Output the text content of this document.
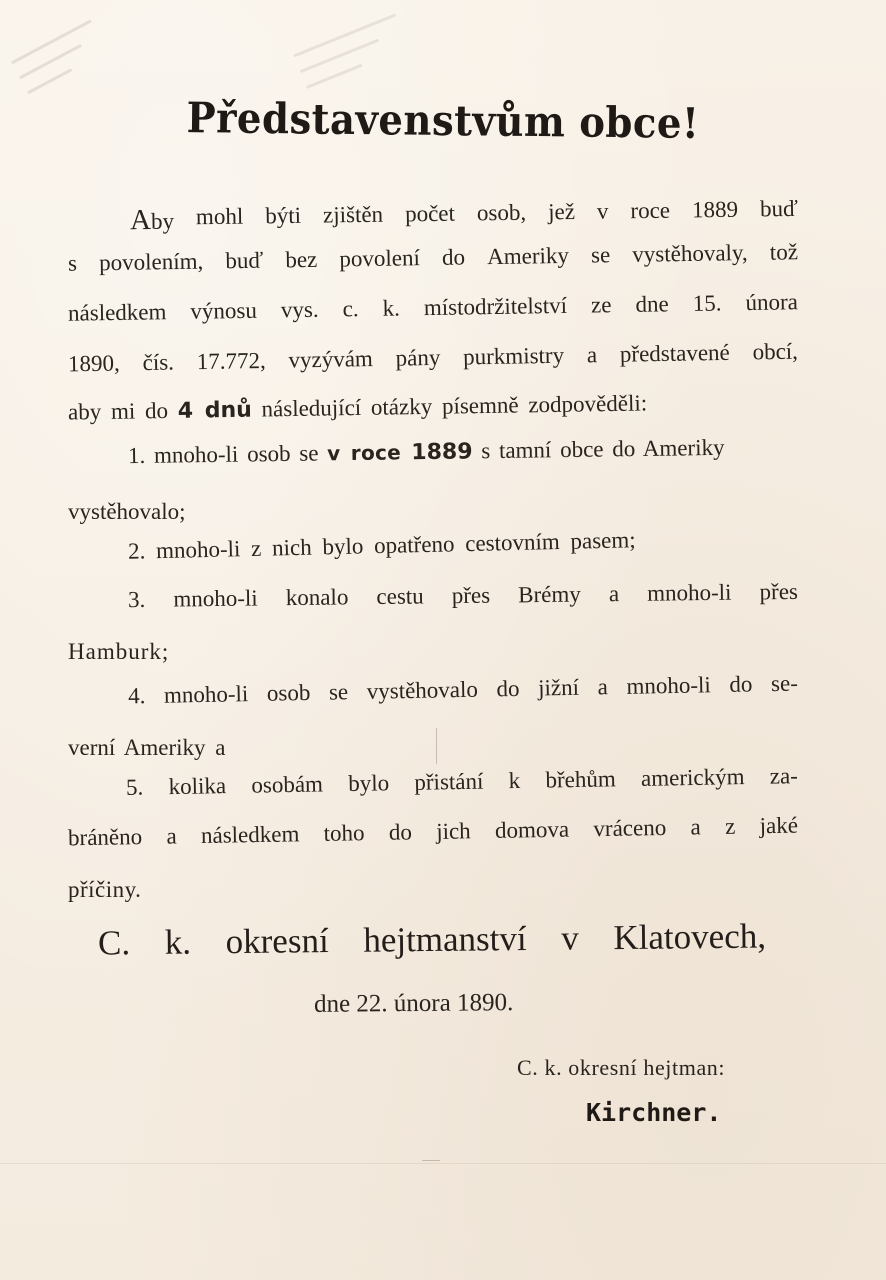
Představenstvům obce!
Aby mohl býti zjištěn počet osob, jež v roce 1889 buď
s povolením, buď bez povolení do Ameriky se vystěhovaly, tož
následkem výnosu vys. c. k. místodržitelství ze dne 15. února
1890, čís. 17.772, vyzývám pány purkmistry a představené obcí,
aby mi do 4 dnů následující otázky písemně zodpověděli:
1. mnoho-li osob se v roce 1889 s tamní obce do Ameriky
vystěhovalo;
2. mnoho-li z nich bylo opatřeno cestovním pasem;
3. mnoho-li konalo cestu přes Brémy a mnoho-li přes
Hamburk;
4. mnoho-li osob se vystěhovalo do jižní a mnoho-li do se-
verní Ameriky a
5. kolika osobám bylo přistání k břehům americkým za-
bráněno a následkem toho do jich domova vráceno a z jaké
příčiny.
C. k. okresní hejtmanství v Klatovech,
dne 22. února 1890.
C. k. okresní hejtman:
Kirchner.
